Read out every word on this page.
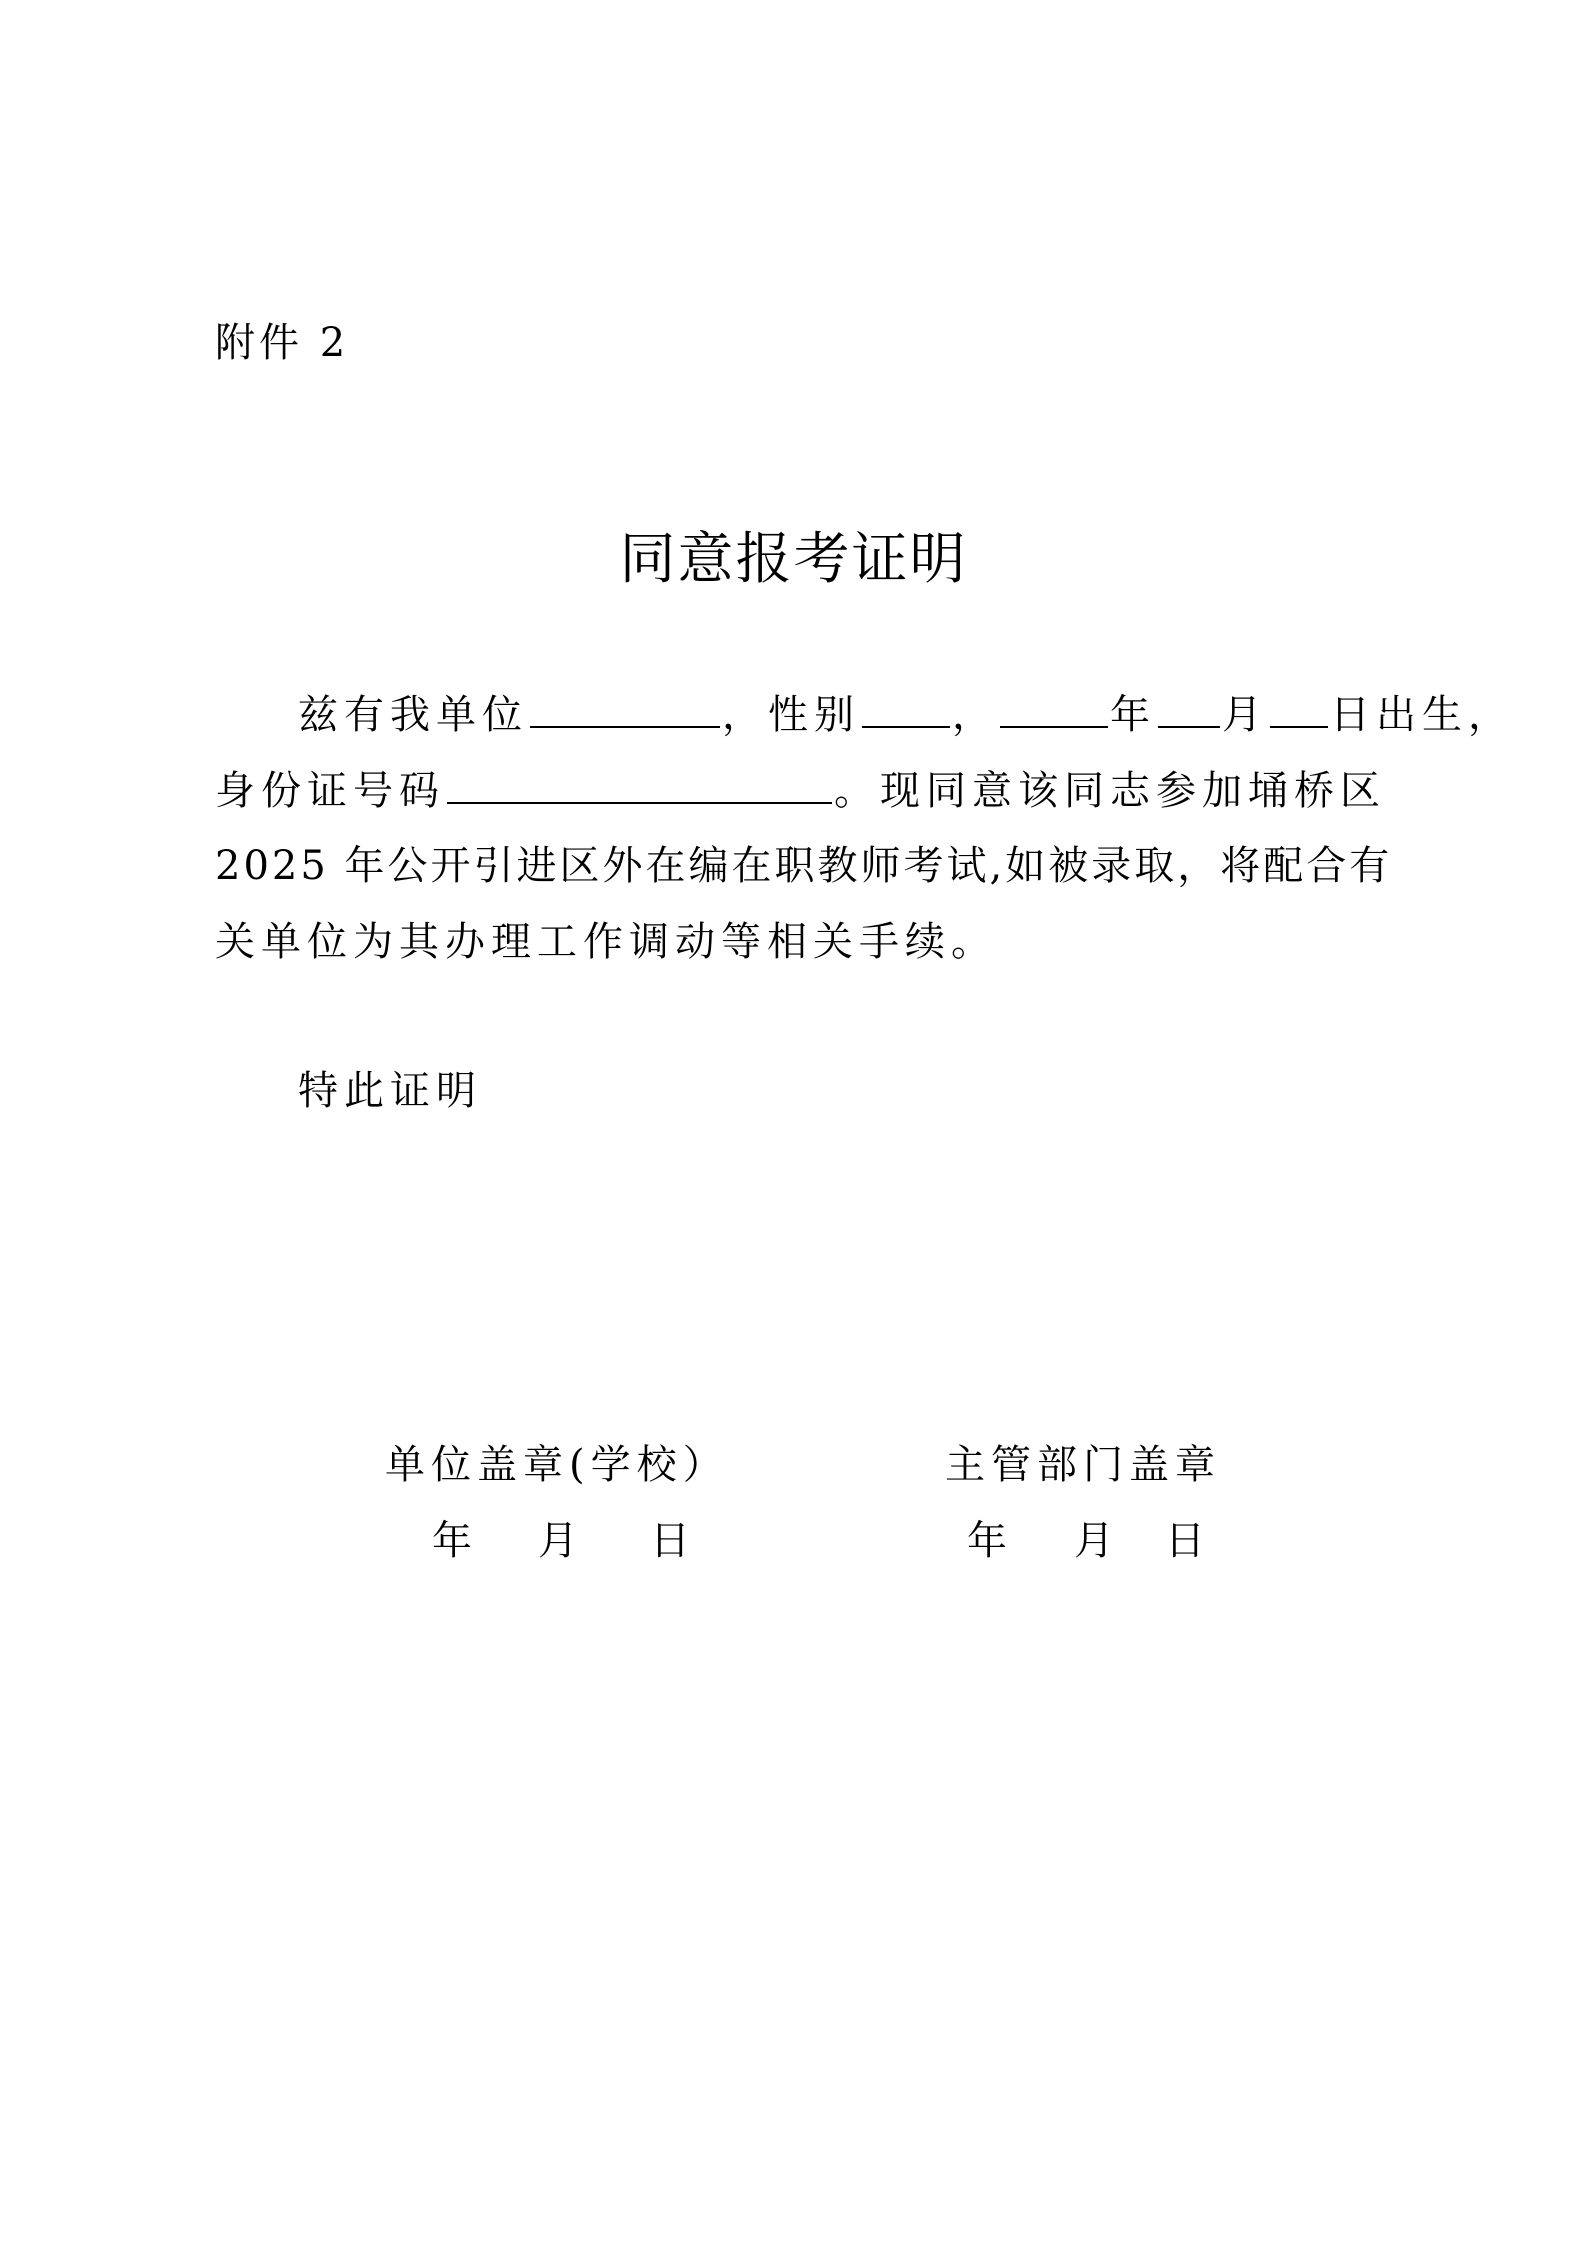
附件 2
同意报考证明
兹有我单位	，性别 ，	年 月 日出生，
身份证号码	。现同意该同志参加埇桥区
2025 年公开引进区外在编在职教师考试,如被录取，将配合有
关单位为其办理工作调动等相关手续。
特此证明
单位盖章(学校）
年 月 日
主管部门盖章
年 月 日
